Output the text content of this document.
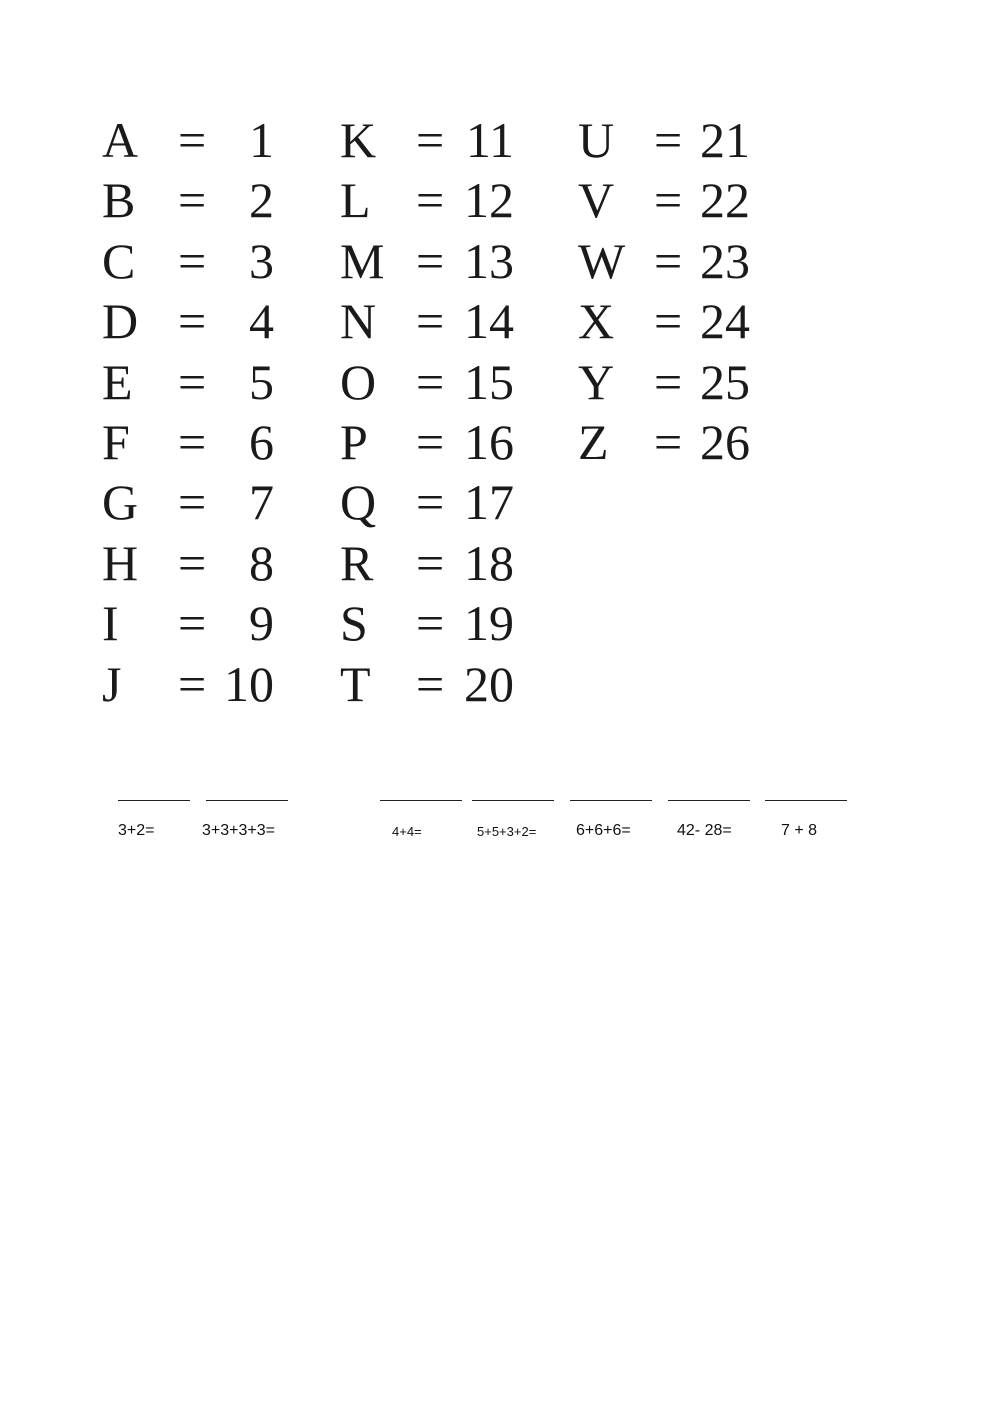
A = 1
B = 2
C = 3
D = 4
E = 5
F = 6
G = 7
H = 8
I = 9
J = 10
K = 11
L = 12
M = 13
N = 14
O = 15
P = 16
Q = 17
R = 18
S = 19
T = 20
U = 21
V = 22
W = 23
X = 24
Y = 25
Z = 26
3+2=	3+3+3+3=	4+4=	5+5+3+2= 6+6+6=	42- 28=	7 + 8
